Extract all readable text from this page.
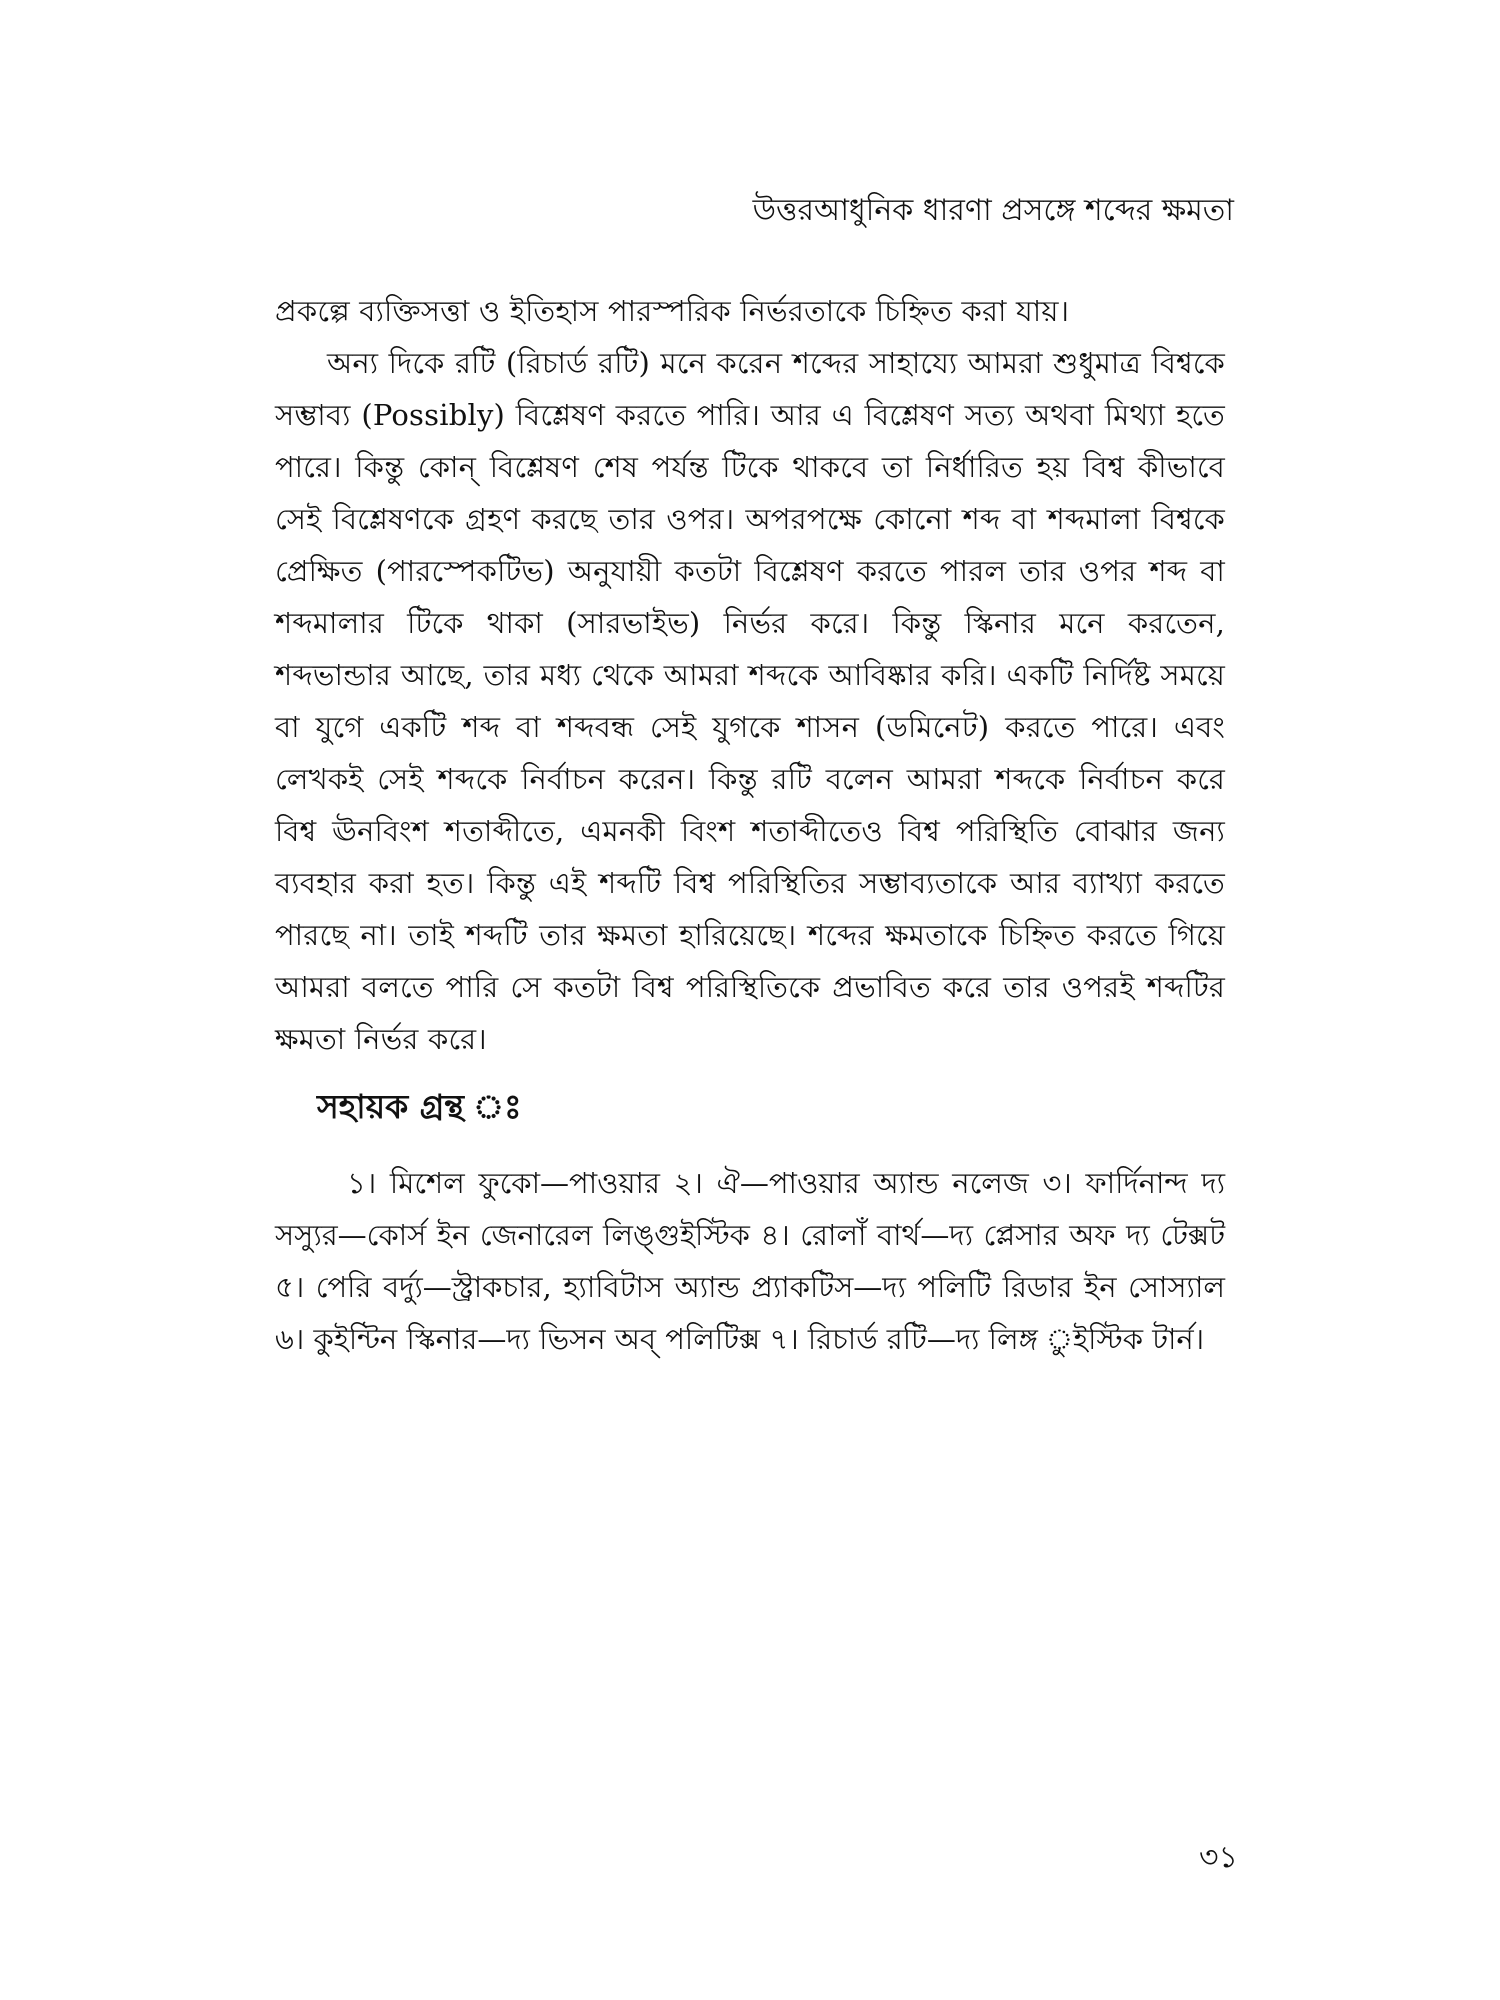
উত্তরআধুনিক ধারণা প্রসঙ্গে শব্দের ক্ষমতা

প্রকল্পে ব্যক্তিসত্তা ও ইতিহাস পারস্পরিক নির্ভরতাকে চিহ্নিত করা যায়।

অন্য দিকে রটি (রিচার্ড রটি) মনে করেন শব্দের সাহায্যে আমরা শুধুমাত্র বিশ্বকে সম্ভাব্য (Possibly) বিশ্লেষণ করতে পারি। আর এ বিশ্লেষণ সত্য অথবা মিথ্যা হতে পারে। কিন্তু কোন্ বিশ্লেষণ শেষ পর্যন্ত টিকে থাকবে তা নির্ধারিত হয় বিশ্ব কীভাবে সেই বিশ্লেষণকে গ্রহণ করছে তার ওপর। অপরপক্ষে কোনো শব্দ বা শব্দমালা বিশ্বকে প্রেক্ষিত (পারস্পেকটিভ) অনুযায়ী কতটা বিশ্লেষণ করতে পারল তার ওপর শব্দ বা শব্দমালার টিকে থাকা (সারভাইভ) নির্ভর করে। কিন্তু স্কিনার মনে করতেন, শব্দভান্ডার আছে, তার মধ্য থেকে আমরা শব্দকে আবিষ্কার করি। একটি নির্দিষ্ট সময়ে বা যুগে একটি শব্দ বা শব্দবন্ধ সেই যুগকে শাসন (ডমিনেট) করতে পারে। এবং লেখকই সেই শব্দকে নির্বাচন করেন। কিন্তু রটি বলেন আমরা শব্দকে নির্বাচন করে বিশ্ব ঊনবিংশ শতাব্দীতে, এমনকী বিংশ শতাব্দীতেও বিশ্ব পরিস্থিতি বোঝার জন্য ব্যবহার করা হত। কিন্তু এই শব্দটি বিশ্ব পরিস্থিতির সম্ভাব্যতাকে আর ব্যাখ্যা করতে পারছে না। তাই শব্দটি তার ক্ষমতা হারিয়েছে। শব্দের ক্ষমতাকে চিহ্নিত করতে গিয়ে আমরা বলতে পারি সে কতটা বিশ্ব পরিস্থিতিকে প্রভাবিত করে তার ওপরই শব্দটির ক্ষমতা নির্ভর করে।

সহায়ক গ্রন্থ ঃ

১। মিশেল ফুকো—পাওয়ার ২। ঐ—পাওয়ার অ্যান্ড নলেজ ৩। ফার্দিনান্দ দ্য সস্যুর—কোর্স ইন জেনারেল লিঙ্গুইস্টিক ৪। রোলাঁ বার্থ—দ্য প্লেসার অফ দ্য টেক্সট ৫। পেরি বর্দ্যু—স্ট্রাকচার, হ্যাবিটাস অ্যান্ড প্র্যাকটিস—দ্য পলিটি রিডার ইন সোস্যাল ৬। কুইন্টিন স্কিনার—দ্য ভিসন অব্ পলিটিক্স ৭। রিচার্ড রটি—দ্য লিঙ্গ ুইস্টিক টার্ন।

৩১
